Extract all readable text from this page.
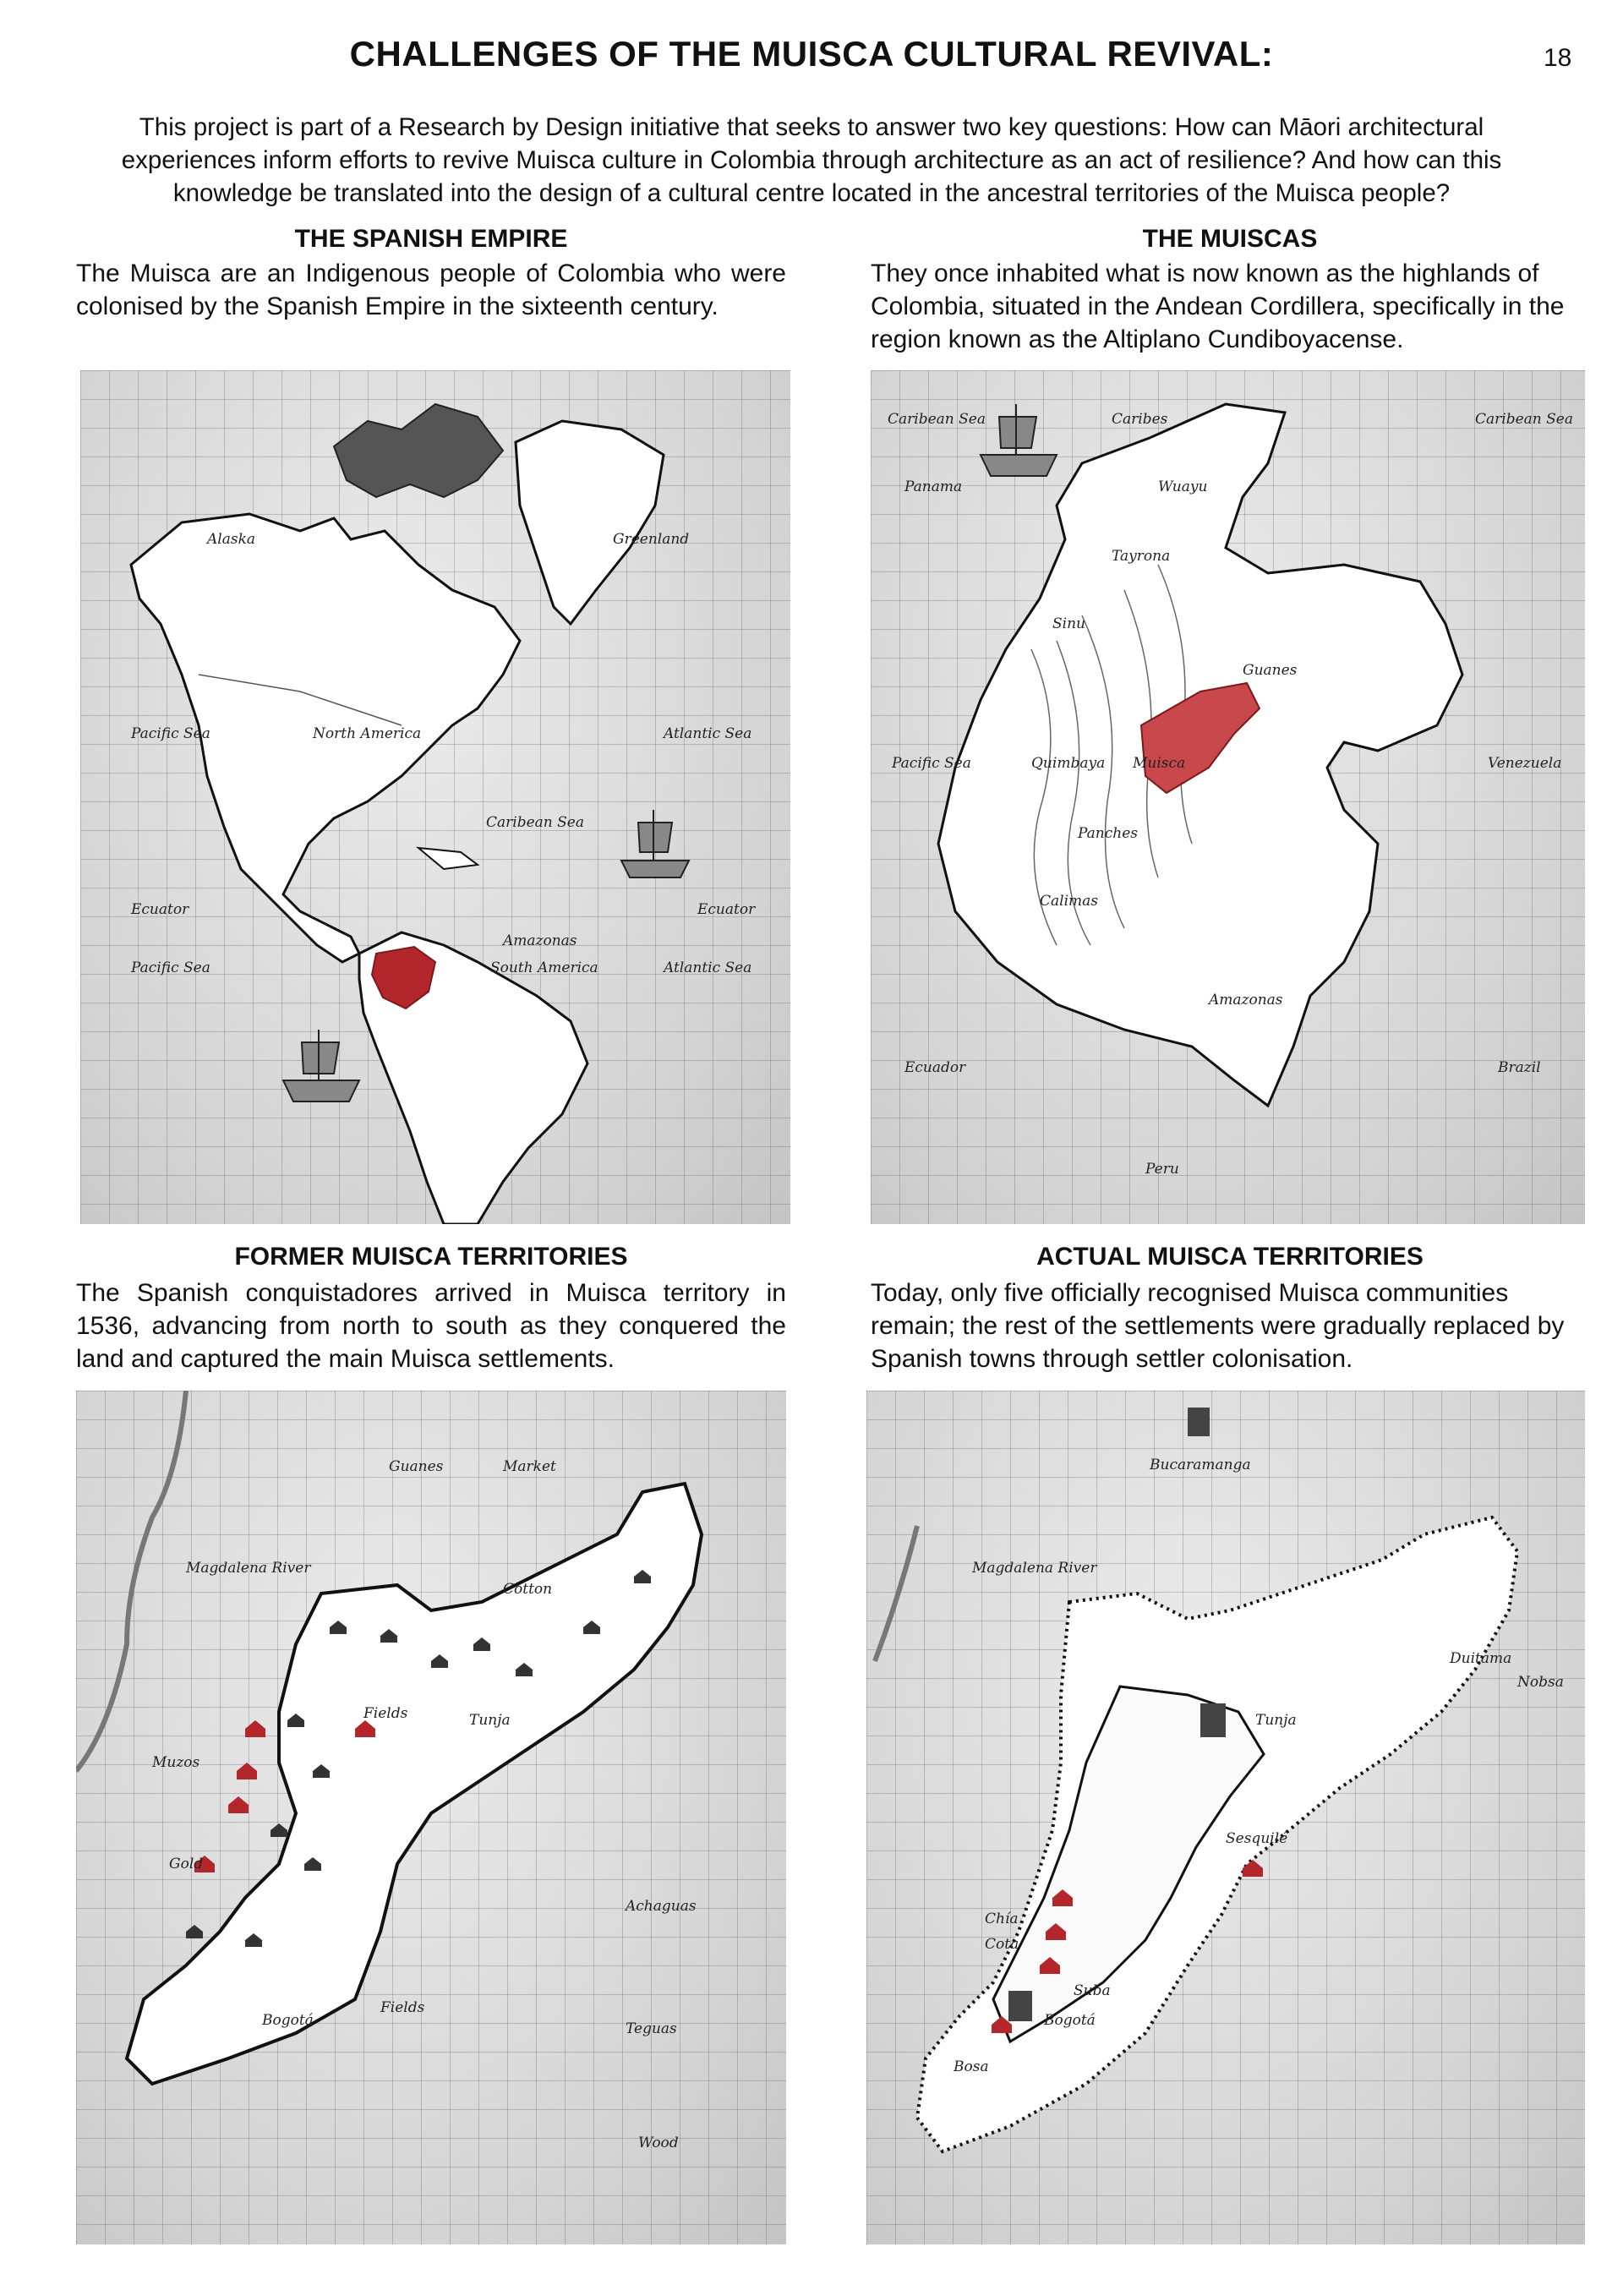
CHALLENGES OF THE MUISCA CULTURAL REVIVAL:	18
This project is part of a Research by Design initiative that seeks to answer two key questions: How can Māori architectural experiences inform efforts to revive Muisca culture in Colombia through architecture as an act of resilience? And how can this knowledge be translated into the design of a cultural centre located in the ancestral territories of the Muisca people?
THE SPANISH EMPIRE
The Muisca are an Indigenous people of Colombia who were colonised by the Spanish Empire in the sixteenth century.
THE MUISCAS
They once inhabited what is now known as the highlands of Colombia, situated in the Andean Cordillera, specifically in the region known as the Altiplano Cundiboyacense.
Alaska	Greenland
Pacific Sea	North America	Atlantic Sea
Caribean Sea
Ecuator	Ecuator
Amazonas
South America
Pacific Sea	Atlantic Sea
Caribean Sea	Caribes	Caribean Sea
Panama	Wuayu
Tayrona
Sinu
Guanes
Pacific Sea	Quimbaya Muisca	Venezuela
Panches
Calimas
Amazonas
Ecuador	Brazil
Peru
FORMER MUISCA TERRITORIES
The Spanish conquistadores arrived in Muisca territory in 1536, advancing from north to south as they conquered the land and captured the main Muisca settlements.
ACTUAL MUISCA TERRITORIES
Today, only five officially recognised Muisca communities remain; the rest of the settlements were gradually replaced by Spanish towns through settler colonisation.
Guanes	Market
Magdalena River
Cotton
Fields	Tunja
Muzos
Gold
Achaguas
Fields
Bogotá	Teguas
Wood
Bucaramanga
Magdalena River
Duitama
Nobsa
Tunja
Sesquilé
Chía
Cota
Suba
Bogotá
Bosa
